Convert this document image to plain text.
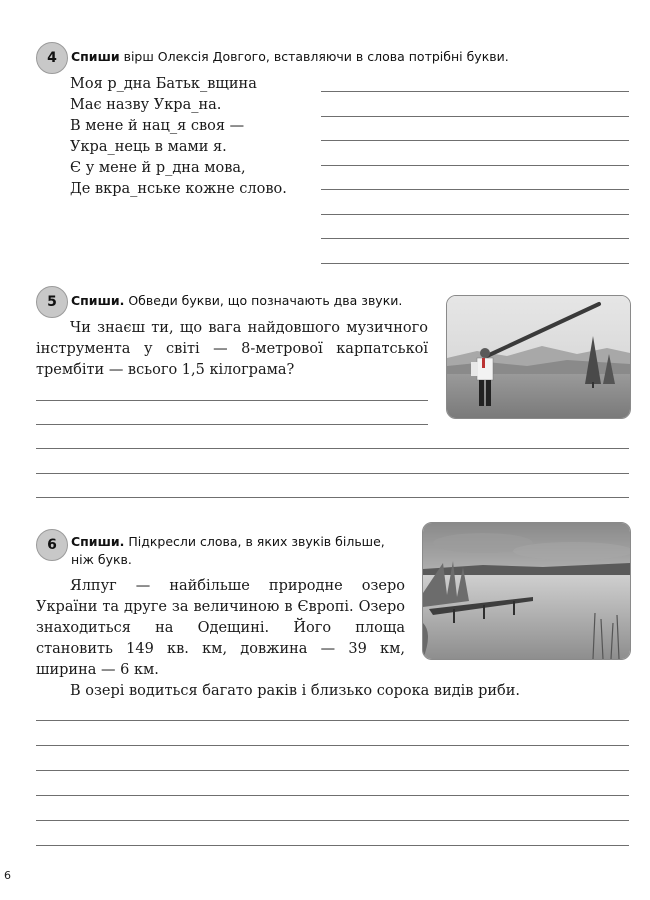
4	Спиши вірш Олексія Довгого, вставляючи в слова потрібні букви.
Моя р_дна Батьк_вщина
Має назву Укра_на.
В мене й нац_я своя —
Укра_нець в мами я.
Є у мене й р_дна мова,
Де вкра_нське кожне слово.
5	Спиши. Обведи букви, що позначають два звуки.
Чи знаєш ти, що вага найдовшого музичного інструмента у світі — 8-метрової карпатської трембіти — всього 1,5 кілограма?
6	Спиши. Підкресли слова, в яких звуків більше, ніж букв.
Ялпуг — найбільше природне озеро України та друге за величиною в Європі. Озеро знаходиться на Одещині. Його площа становить 149 кв. км, довжина — 39 км, ширина — 6 км.
В озері водиться багато раків і близько сорока видів риби.
6
